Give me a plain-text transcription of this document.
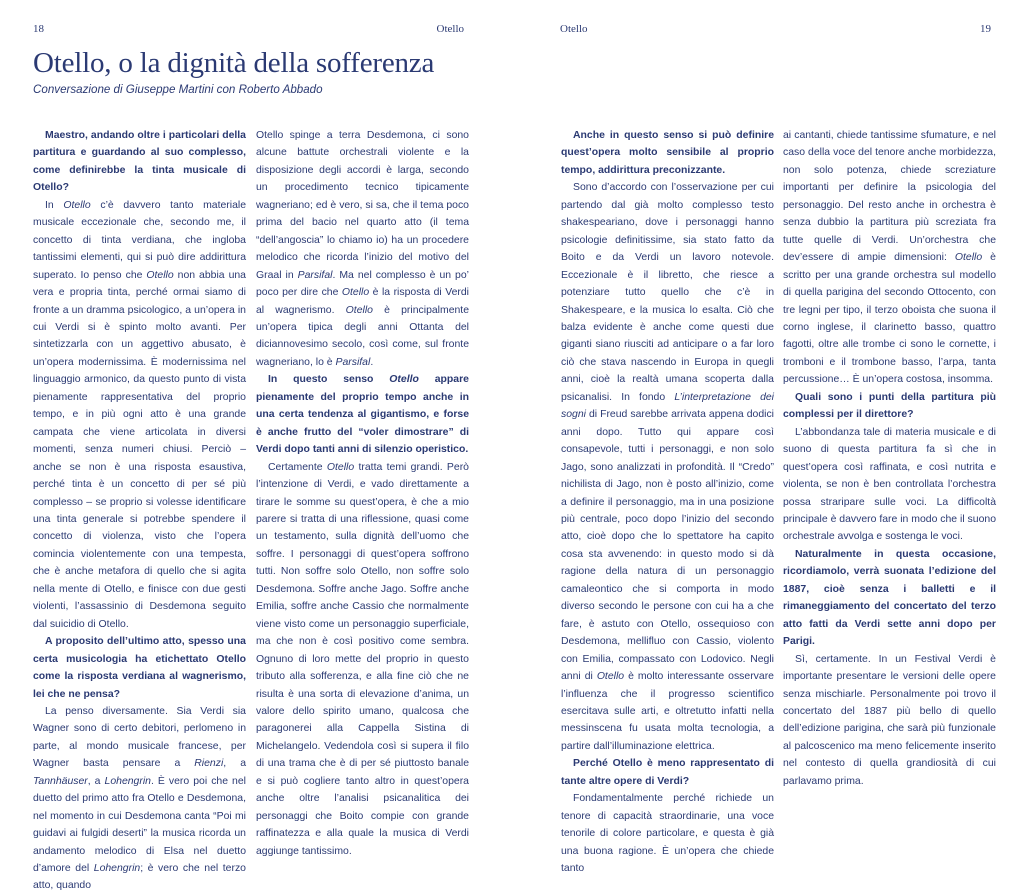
18	Otello
Otello, o la dignità della sofferenza
Conversazione di Giuseppe Martini con Roberto Abbado

Maestro, andando oltre i particolari della partitura e guardando al suo complesso, come definirebbe la tinta musicale di Otello?

In Otello c’è davvero tanto materiale musicale eccezionale che, secondo me, il concetto di tinta verdiana, che ingloba tantissimi elementi, qui si può dire addirittura superato. Io penso che Otello non abbia una vera e propria tinta, perché ormai siamo di fronte a un dramma psicologico, a un’opera in cui Verdi si è spinto molto avanti. Per sintetizzarla con un aggettivo abusato, è un’opera modernissima. È modernissima nel linguaggio armonico, da questo punto di vista pienamente rappresentativa del proprio tempo, e in più ogni atto è una grande campata che viene articolata in diversi momenti, senza numeri chiusi. Perciò – anche se non è una risposta esaustiva, perché tinta è un concetto di per sé più complesso – se proprio si volesse identificare una tinta generale si potrebbe spendere il concetto di violenza, visto che l’opera comincia violentemente con una tempesta, che è anche metafora di quello che si agita nella mente di Otello, e finisce con due gesti violenti, l’assassinio di Desdemona seguito dal suicidio di Otello.

A proposito dell’ultimo atto, spesso una certa musicologia ha etichettato Otello come la risposta verdiana al wagnerismo, lei che ne pensa?

La penso diversamente. Sia Verdi sia Wagner sono di certo debitori, perlomeno in parte, al mondo musicale francese, per Wagner basta pensare a Rienzi, a Tannhäuser, a Lohengrin. È vero poi che nel duetto del primo atto fra Otello e Desdemona, nel momento in cui Desdemona canta “Poi mi guidavi ai fulgidi deserti” la musica ricorda un andamento melodico di Elsa nel duetto d’amore del Lohengrin; è vero che nel terzo atto, quando

Otello spinge a terra Desdemona, ci sono alcune battute orchestrali violente e la disposizione degli accordi è larga, secondo un procedimento tecnico tipicamente wagneriano; ed è vero, si sa, che il tema poco prima del bacio nel quarto atto (il tema “dell’angoscia” lo chiamo io) ha un procedere melodico che ricorda l’inizio del motivo del Graal in Parsifal. Ma nel complesso è un po’ poco per dire che Otello è la risposta di Verdi al wagnerismo. Otello è principalmente un’opera tipica degli anni Ottanta del diciannovesimo secolo, così come, sul fronte wagneriano, lo è Parsifal.

In questo senso Otello appare pienamente del proprio tempo anche in una certa tendenza al gigantismo, e forse è anche frutto del “voler dimostrare” di Verdi dopo tanti anni di silenzio operistico.

Certamente Otello tratta temi grandi. Però l’intenzione di Verdi, e vado direttamente a tirare le somme su quest’opera, è che a mio parere si tratta di una riflessione, quasi come un testamento, sulla dignità dell’uomo che soffre. I personaggi di quest’opera soffrono tutti. Non soffre solo Otello, non soffre solo Desdemona. Soffre anche Jago. Soffre anche Emilia, soffre anche Cassio che normalmente viene visto come un personaggio superficiale, ma che non è così positivo come sembra. Ognuno di loro mette del proprio in questo tributo alla sofferenza, e alla fine ciò che ne risulta è una sorta di elevazione d’anima, un valore dello spirito umano, qualcosa che paragonerei alla Cappella Sistina di Michelangelo. Vedendola così si supera il filo di una trama che è di per sé piuttosto banale e si può cogliere tanto altro in quest’opera anche oltre l’analisi psicanalitica dei personaggi che Boito compie con grande raffinatezza e alla quale la musica di Verdi aggiunge tantissimo.

Otello	19

Anche in questo senso si può definire quest’opera molto sensibile al proprio tempo, addirittura preconizzante.

Sono d’accordo con l’osservazione per cui partendo dal già molto complesso testo shakespeariano, dove i personaggi hanno psicologie definitissime, sia stato fatto da Boito e da Verdi un lavoro notevole. Eccezionale è il libretto, che riesce a potenziare tutto quello che c’è in Shakespeare, e la musica lo esalta. Ciò che balza evidente è anche come questi due giganti siano riusciti ad anticipare o a far loro ciò che stava nascendo in Europa in quegli anni, cioè la realtà umana scoperta dalla psicanalisi. In fondo L’interpretazione dei sogni di Freud sarebbe arrivata appena dodici anni dopo. Tutto qui appare così consapevole, tutti i personaggi, e non solo Jago, sono analizzati in profondità. Il “Credo” nichilista di Jago, non è posto all’inizio, come a definire il personaggio, ma in una posizione più centrale, poco dopo l’inizio del secondo atto, cioè dopo che lo spettatore ha capito cosa sta avvenendo: in questo modo si dà ragione della natura di un personaggio camaleontico che si comporta in modo diverso secondo le persone con cui ha a che fare, è astuto con Otello, ossequioso con Desdemona, mellifluo con Cassio, violento con Emilia, compassato con Lodovico. Negli anni di Otello è molto interessante osservare l’influenza che il progresso scientifico esercitava sulle arti, e oltretutto infatti nella messinscena fu usata molta tecnologia, a partire dall’illuminazione elettrica.

Perché Otello è meno rappresentato di tante altre opere di Verdi?

Fondamentalmente perché richiede un tenore di capacità straordinarie, una voce tenorile di colore particolare, e questa è già una buona ragione. È un’opera che chiede tanto

ai cantanti, chiede tantissime sfumature, e nel caso della voce del tenore anche morbidezza, non solo potenza, chiede screziature importanti per definire la psicologia del personaggio. Del resto anche in orchestra è senza dubbio la partitura più screziata fra tutte quelle di Verdi. Un’orchestra che dev’essere di ampie dimensioni: Otello è scritto per una grande orchestra sul modello di quella parigina del secondo Ottocento, con tre legni per tipo, il terzo oboista che suona il corno inglese, il clarinetto basso, quattro fagotti, oltre alle trombe ci sono le cornette, i tromboni e il trombone basso, l’arpa, tanta percussione… È un’opera costosa, insomma.

Quali sono i punti della partitura più complessi per il direttore?

L’abbondanza tale di materia musicale e di suono di questa partitura fa sì che in quest’opera così raffinata, e così nutrita e violenta, se non è ben controllata l’orchestra possa straripare sulle voci. La difficoltà principale è davvero fare in modo che il suono orchestrale avvolga e sostenga le voci.

Naturalmente in questa occasione, ricordiamolo, verrà suonata l’edizione del 1887, cioè senza i balletti e il rimaneggiamento del concertato del terzo atto fatti da Verdi sette anni dopo per Parigi.

Sì, certamente. In un Festival Verdi è importante presentare le versioni delle opere senza mischiarle. Personalmente poi trovo il concertato del 1887 più bello di quello dell’edizione parigina, che sarà più funzionale al palcoscenico ma meno felicemente inserito nel contesto di quella grandiosità di cui parlavamo prima.
